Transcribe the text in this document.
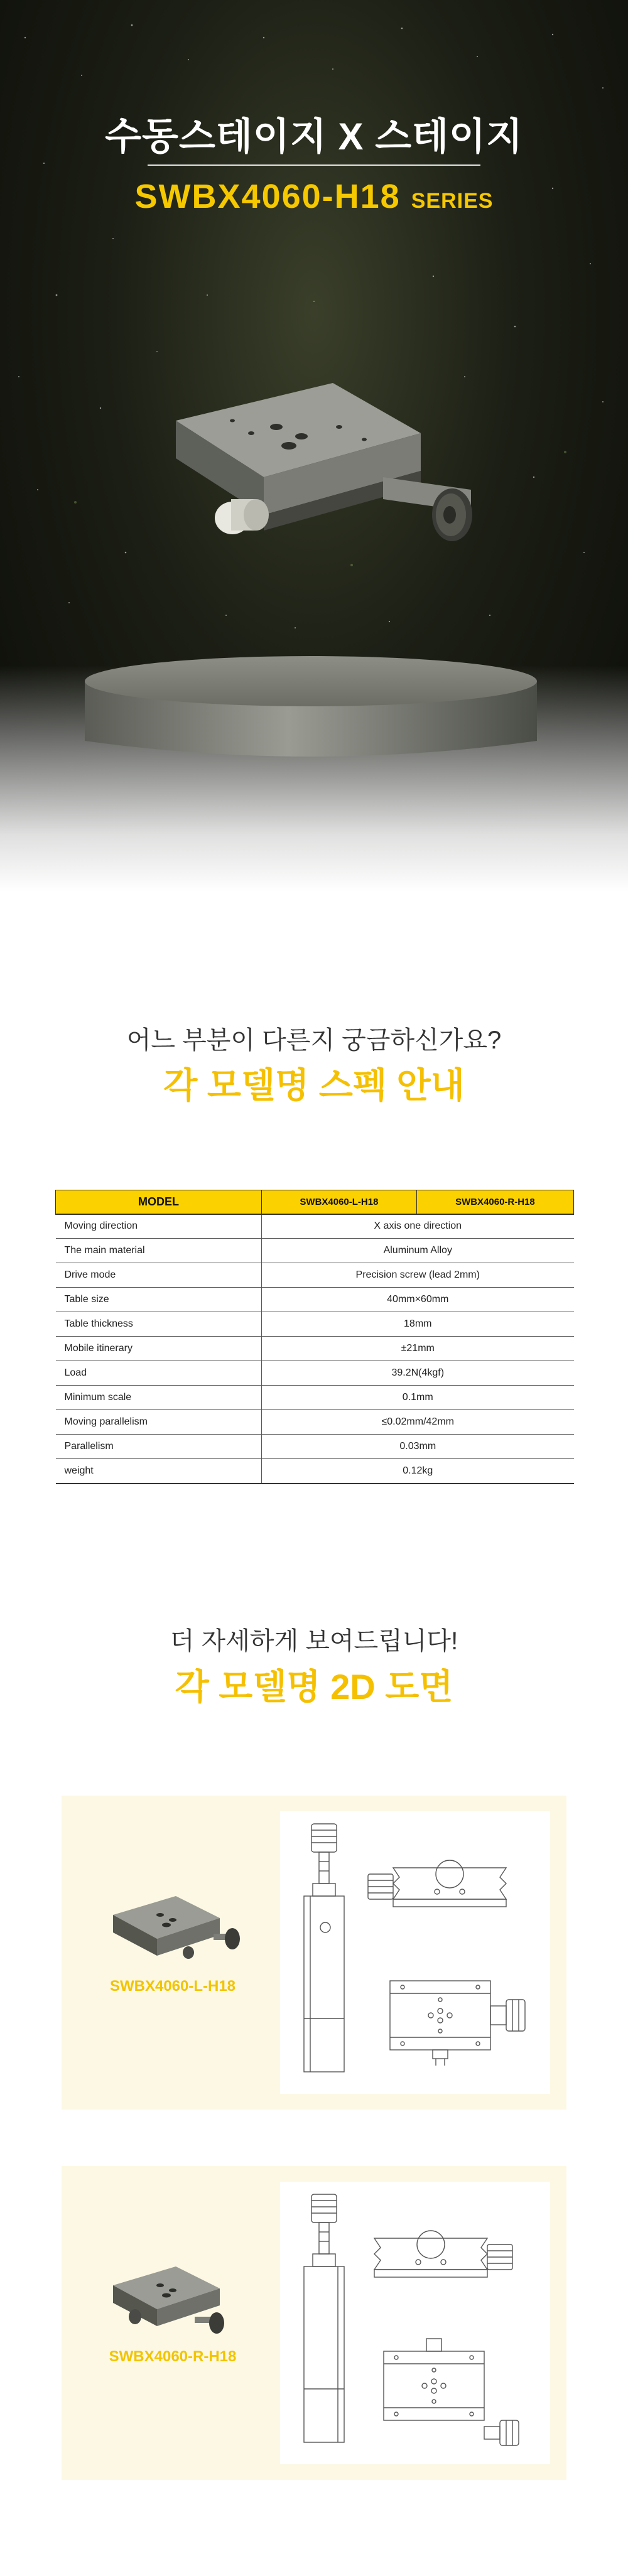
수동스테이지 X 스테이지
SWBX4060-H18 SERIES
어느 부분이 다른지 궁금하신가요?
각 모델명 스펙 안내
MODEL	SWBX4060-L-H18	SWBX4060-R-H18
Moving direction	X axis one direction	
The main material	Aluminum Alloy	
Drive mode	Precision screw (lead 2mm)	
Table size	40mm×60mm	
Table thickness	18mm	
Mobile itinerary	±21mm	
Load	39.2N(4kgf)	
Minimum scale	0.1mm	
Moving parallelism	≤0.02mm/42mm	
Parallelism	0.03mm	
weight	0.12kg	
더 자세하게 보여드립니다!
각 모델명 2D 도면
SWBX4060-L-H18
SWBX4060-R-H18
